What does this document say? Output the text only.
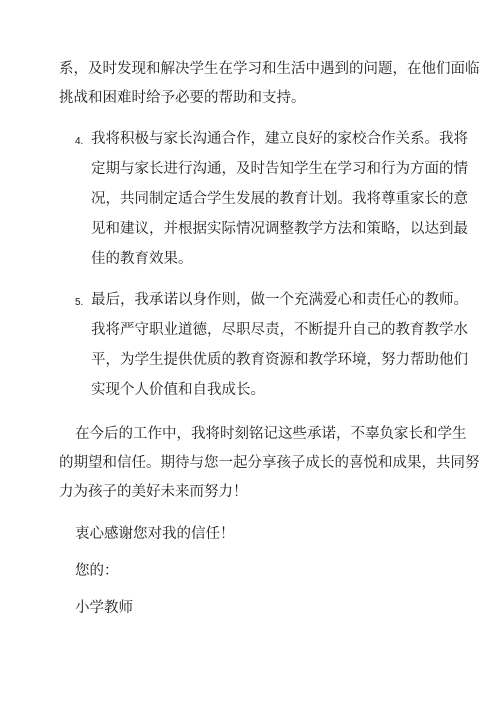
系，及时发现和解决学生在学习和生活中遇到的问题，在他们面临
挑战和困难时给予必要的帮助和支持。
4. 我将积极与家长沟通合作，建立良好的家校合作关系。我将
定期与家长进行沟通，及时告知学生在学习和行为方面的情
况，共同制定适合学生发展的教育计划。我将尊重家长的意
见和建议，并根据实际情况调整教学方法和策略，以达到最
佳的教育效果。
5. 最后，我承诺以身作则，做一个充满爱心和责任心的教师。
我将严守职业道德，尽职尽责，不断提升自己的教育教学水
平，为学生提供优质的教育资源和教学环境，努力帮助他们
实现个人价值和自我成长。
在今后的工作中，我将时刻铭记这些承诺，不辜负家长和学生
的期望和信任。期待与您一起分享孩子成长的喜悦和成果，共同努
力为孩子的美好未来而努力！
衷心感谢您对我的信任！
您的：
小学教师
